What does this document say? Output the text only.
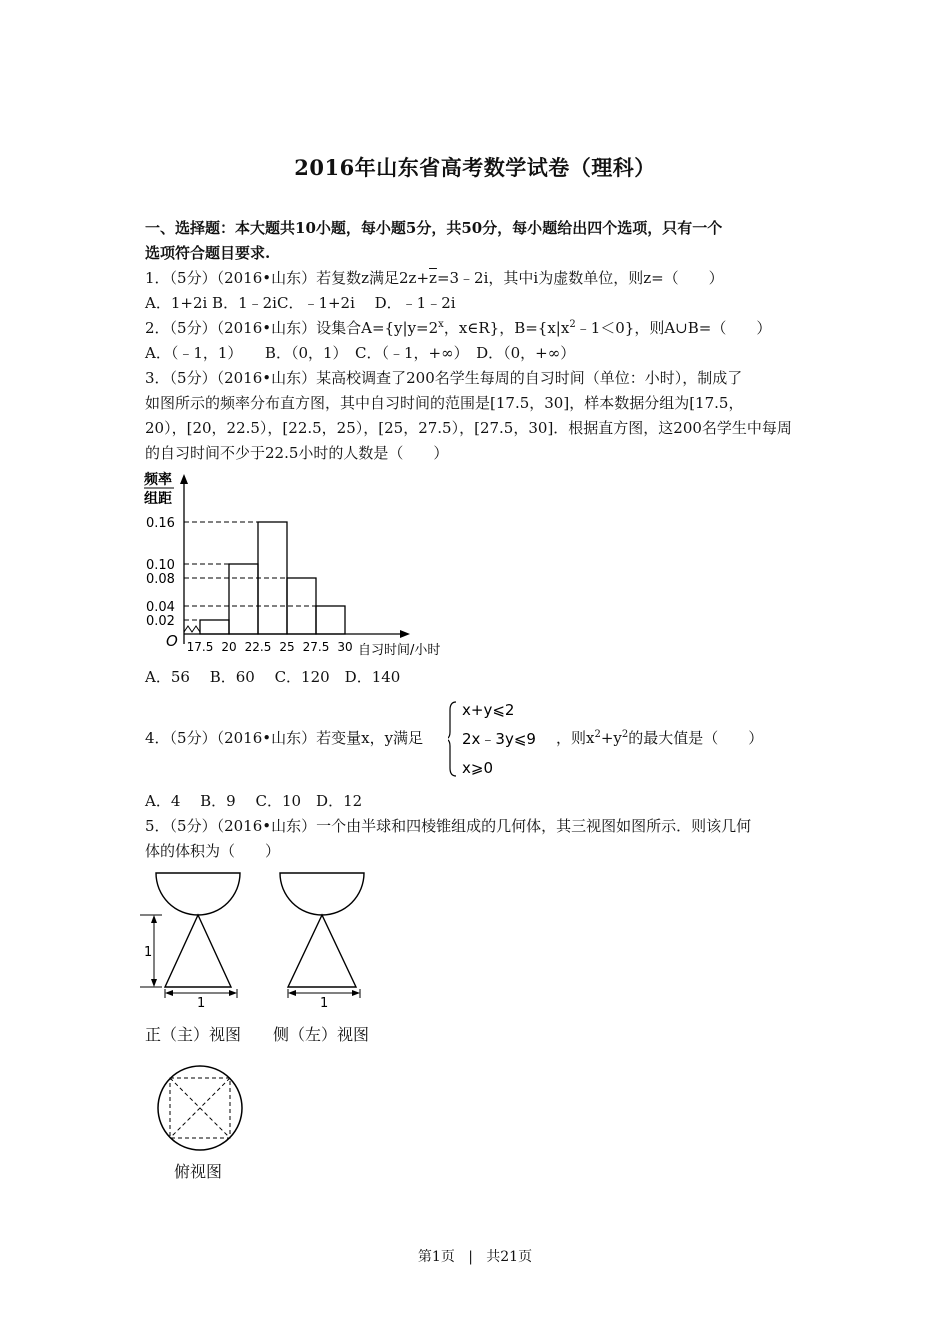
2016年山东省高考数学试卷（理科）
一、选择题：本大题共10小题，每小题5分，共50分，每小题给出四个选项，只有一个
选项符合题目要求.
1．（5分）（2016•山东）若复数z满足$2z+\overline{z}=3﹣2i$，其中i为虚数单位，则z=（　　）
A．1+2i B．1﹣2iC．﹣1+2i　 D．﹣1﹣2i
2．（5分）（2016•山东）设集合$A=\{y|y=2^x$，x∈R}，$B=\{x|x^2﹣1<0\}$，则A∪B=（　　）
A．（﹣1，1）　　B．（0，1）　C．（﹣1，+∞）　D．（0，+∞）
3．（5分）（2016•山东）某高校调查了200名学生每周的自习时间（单位：小时），制成了
如图所示的频率分布直方图，其中自习时间的范围是[17.5，30]，样本数据分组为[17.5，
20），[20，22.5），[22.5，25），[25，27.5），[27.5，30]．根据直方图，这200名学生中每周
的自习时间不少于22.5小时的人数是（　　）
频率
组距
O
自习时间/小时
0.02
0.04
0.08
0.10
0.16
17.5 20 22.5 25 27.5 30
A．56　 B．60　 C．120　D．140
4．（5分）（2016•山东）若变量x，y满足
x+y⩽2
2x﹣3y⩽9
x⩾0
，则$x^2+y^2$的最大值是（　　）
A．4　 B．9　 C．10　D．12
5．（5分）（2016•山东）一个由半球和四棱锥组成的几何体，其三视图如图所示．则该几何
体的体积为（　　）
1
1	1
正（主）视图 侧（左）视图
俯视图
第1页 | 共21页
